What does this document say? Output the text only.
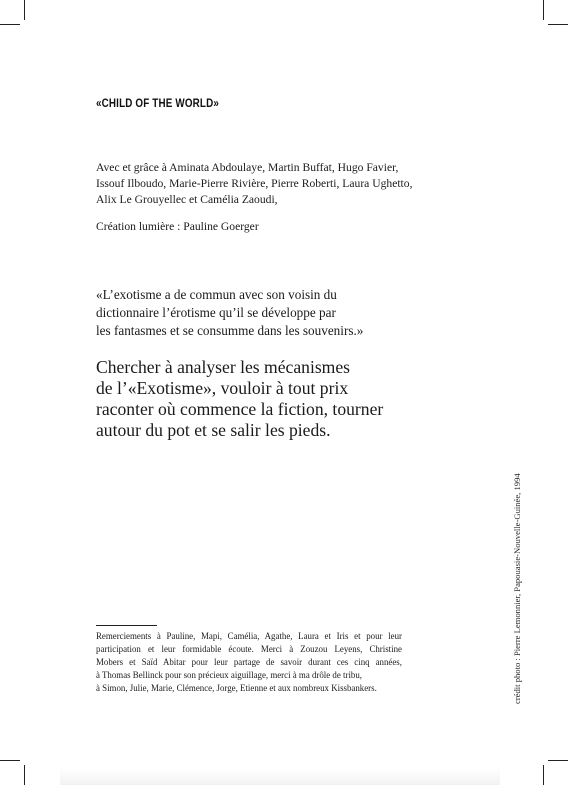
«CHILD OF THE WORLD»
Avec et grâce à Aminata Abdoulaye, Martin Buffat, Hugo Favier,
Issouf Ilboudo, Marie-Pierre Rivière, Pierre Roberti, Laura Ughetto,
Alix Le Grouyellec et Camélia Zaoudi,
Création lumière : Pauline Goerger
«L’exotisme a de commun avec son voisin du
dictionnaire l’érotisme qu’il se développe par
les fantasmes et se consumme dans les souvenirs.»
Chercher à analyser les mécanismes
de l’«Exotisme», vouloir à tout prix
raconter où commence la fiction, tourner
autour du pot et se salir les pieds.
crédit photo : Pierre Lemonnier, Papouasie-Nouvelle-Guinée, 1994
Remerciements à Pauline, Mapi, Camélia, Agathe, Laura et Iris et pour leur
participation et leur formidable écoute. Merci à Zouzou Leyens, Christine
Mobers et Saïd Abitar pour leur partage de savoir durant ces cinq années,
à Thomas Bellinck pour son précieux aiguillage, merci à ma drôle de tribu,
à Simon, Julie, Marie, Clémence, Jorge, Etienne et aux nombreux Kissbankers.
